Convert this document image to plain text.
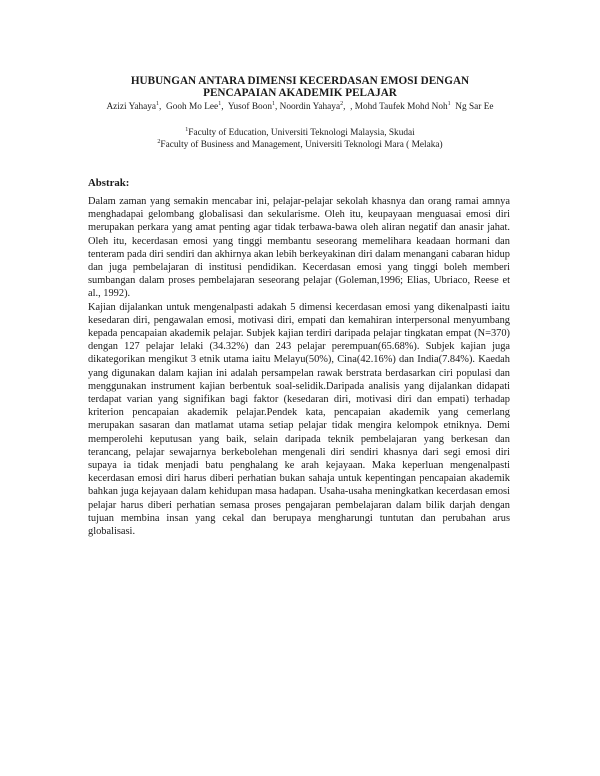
HUBUNGAN ANTARA DIMENSI KECERDASAN EMOSI DENGAN
PENCAPAIAN AKADEMIK PELAJAR
Azizi Yahaya$^1$,  Gooh Mo Lee$^1$,  Yusof Boon$^1$, Noordin Yahaya$^2$,  , Mohd Taufek Mohd Noh$^1$ Ng Sar Ee
$^1$Faculty of Education, Universiti Teknologi Malaysia, Skudai
$^2$Faculty of Business and Management, Universiti Teknologi Mara ( Melaka)
Abstrak:

Dalam zaman yang semakin mencabar ini, pelajar-pelajar sekolah khasnya dan orang ramai amnya menghadapai gelombang globalisasi dan sekularisme. Oleh itu, keupayaan menguasai emosi diri merupakan perkara yang amat penting agar tidak terbawa-bawa oleh aliran negatif dan anasir jahat. Oleh itu, kecerdasan emosi yang tinggi membantu seseorang memelihara keadaan hormani dan tenteram pada diri sendiri dan akhirnya akan lebih berkeyakinan diri dalam menangani cabaran hidup dan juga pembelajaran di institusi pendidikan. Kecerdasan emosi yang tinggi boleh memberi sumbangan dalam proses pembelajaran seseorang pelajar (Goleman,1996; Elias, Ubriaco, Reese et al., 1992).

Kajian dijalankan untuk mengenalpasti adakah 5 dimensi kecerdasan emosi yang dikenalpasti iaitu kesedaran diri, pengawalan emosi, motivasi diri, empati dan kemahiran interpersonal menyumbang kepada pencapaian akademik pelajar. Subjek kajian terdiri daripada pelajar tingkatan empat (N=370) dengan 127 pelajar lelaki (34.32%) dan 243 pelajar perempuan(65.68%). Subjek kajian juga dikategorikan mengikut 3 etnik utama iaitu Melayu(50%), Cina(42.16%) dan India(7.84%). Kaedah yang digunakan dalam kajian ini adalah persampelan rawak berstrata berdasarkan ciri populasi dan menggunakan instrument kajian berbentuk soal-selidik.Daripada analisis yang dijalankan didapati terdapat varian yang signifikan bagi faktor (kesedaran diri, motivasi diri dan empati) terhadap kriterion pencapaian akademik pelajar.Pendek kata, pencapaian akademik yang cemerlang merupakan sasaran dan matlamat utama setiap pelajar tidak mengira kelompok etniknya. Demi memperolehi keputusan yang baik, selain daripada teknik pembelajaran yang berkesan dan terancang, pelajar sewajarnya berkebolehan mengenali diri sendiri khasnya dari segi emosi diri supaya ia tidak menjadi batu penghalang ke arah kejayaan. Maka keperluan mengenalpasti kecerdasan emosi diri harus diberi perhatian bukan sahaja untuk kepentingan pencapaian akademik bahkan juga kejayaan dalam kehidupan masa hadapan. Usaha-usaha meningkatkan kecerdasan emosi pelajar harus diberi perhatian semasa proses pengajaran pembelajaran dalam bilik darjah dengan tujuan membina insan yang cekal dan berupaya mengharungi tuntutan dan perubahan arus globalisasi.
